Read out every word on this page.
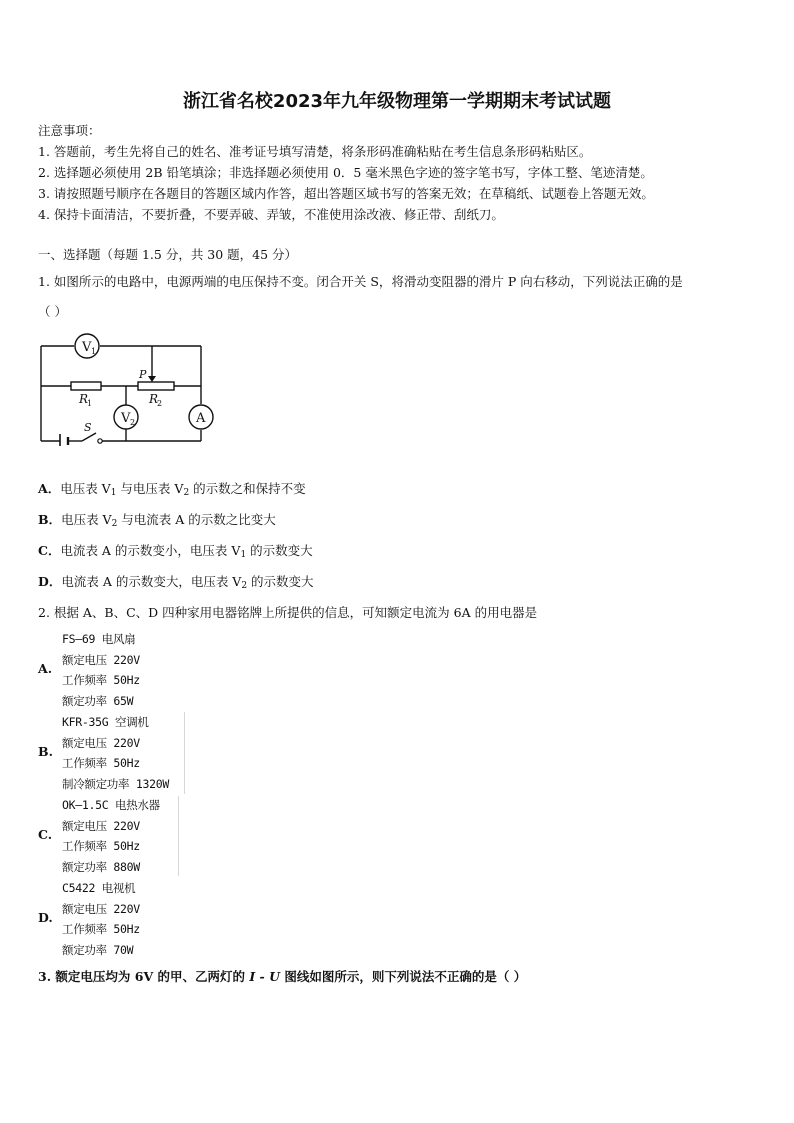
浙江省名校2023年九年级物理第一学期期末考试试题
注意事项：
1. 答题前，考生先将自己的姓名、准考证号填写清楚，将条形码准确粘贴在考生信息条形码粘贴区。
2. 选择题必须使用 2B 铅笔填涂；非选择题必须使用 0．5 毫米黑色字迹的签字笔书写，字体工整、笔迹清楚。
3. 请按照题号顺序在各题目的答题区域内作答，超出答题区域书写的答案无效；在草稿纸、试题卷上答题无效。
4. 保持卡面清洁，不要折叠，不要弄破、弄皱，不准使用涂改液、修正带、刮纸刀。
一、选择题（每题 1.5 分，共 30 题，45 分）
1. 如图所示的电路中，电源两端的电压保持不变。闭合开关 S，将滑动变阻器的滑片 P 向右移动，下列说法正确的是
（ ）
V 1
V 2	A
R
1	R
2
P
S
A．电压表 $V_1$ 与电压表 $V_2$ 的示数之和保持不变
B．电压表 $V_2$ 与电流表 A 的示数之比变大
C．电流表 A 的示数变小，电压表 $V_1$ 的示数变大
D．电流表 A 的示数变大，电压表 $V_2$ 的示数变大
2. 根据 A、B、C、D 四种家用电器铭牌上所提供的信息，可知额定电流为 6A 的用电器是
A.
FS—69 电风扇
额定电压 220V
工作频率 50Hz
额定功率 65W
B.
KFR-35G 空调机
额定电压 220V
工作频率 50Hz
制冷额定功率 1320W
C.
OK—1.5C 电热水器
额定电压 220V
工作频率 50Hz
额定功率 880W
D.
C5422 电视机
额定电压 220V
工作频率 50Hz
额定功率 70W
3. 额定电压均为 6V 的甲、乙两灯的 I - U 图线如图所示，则下列说法不正确的是（ ）
